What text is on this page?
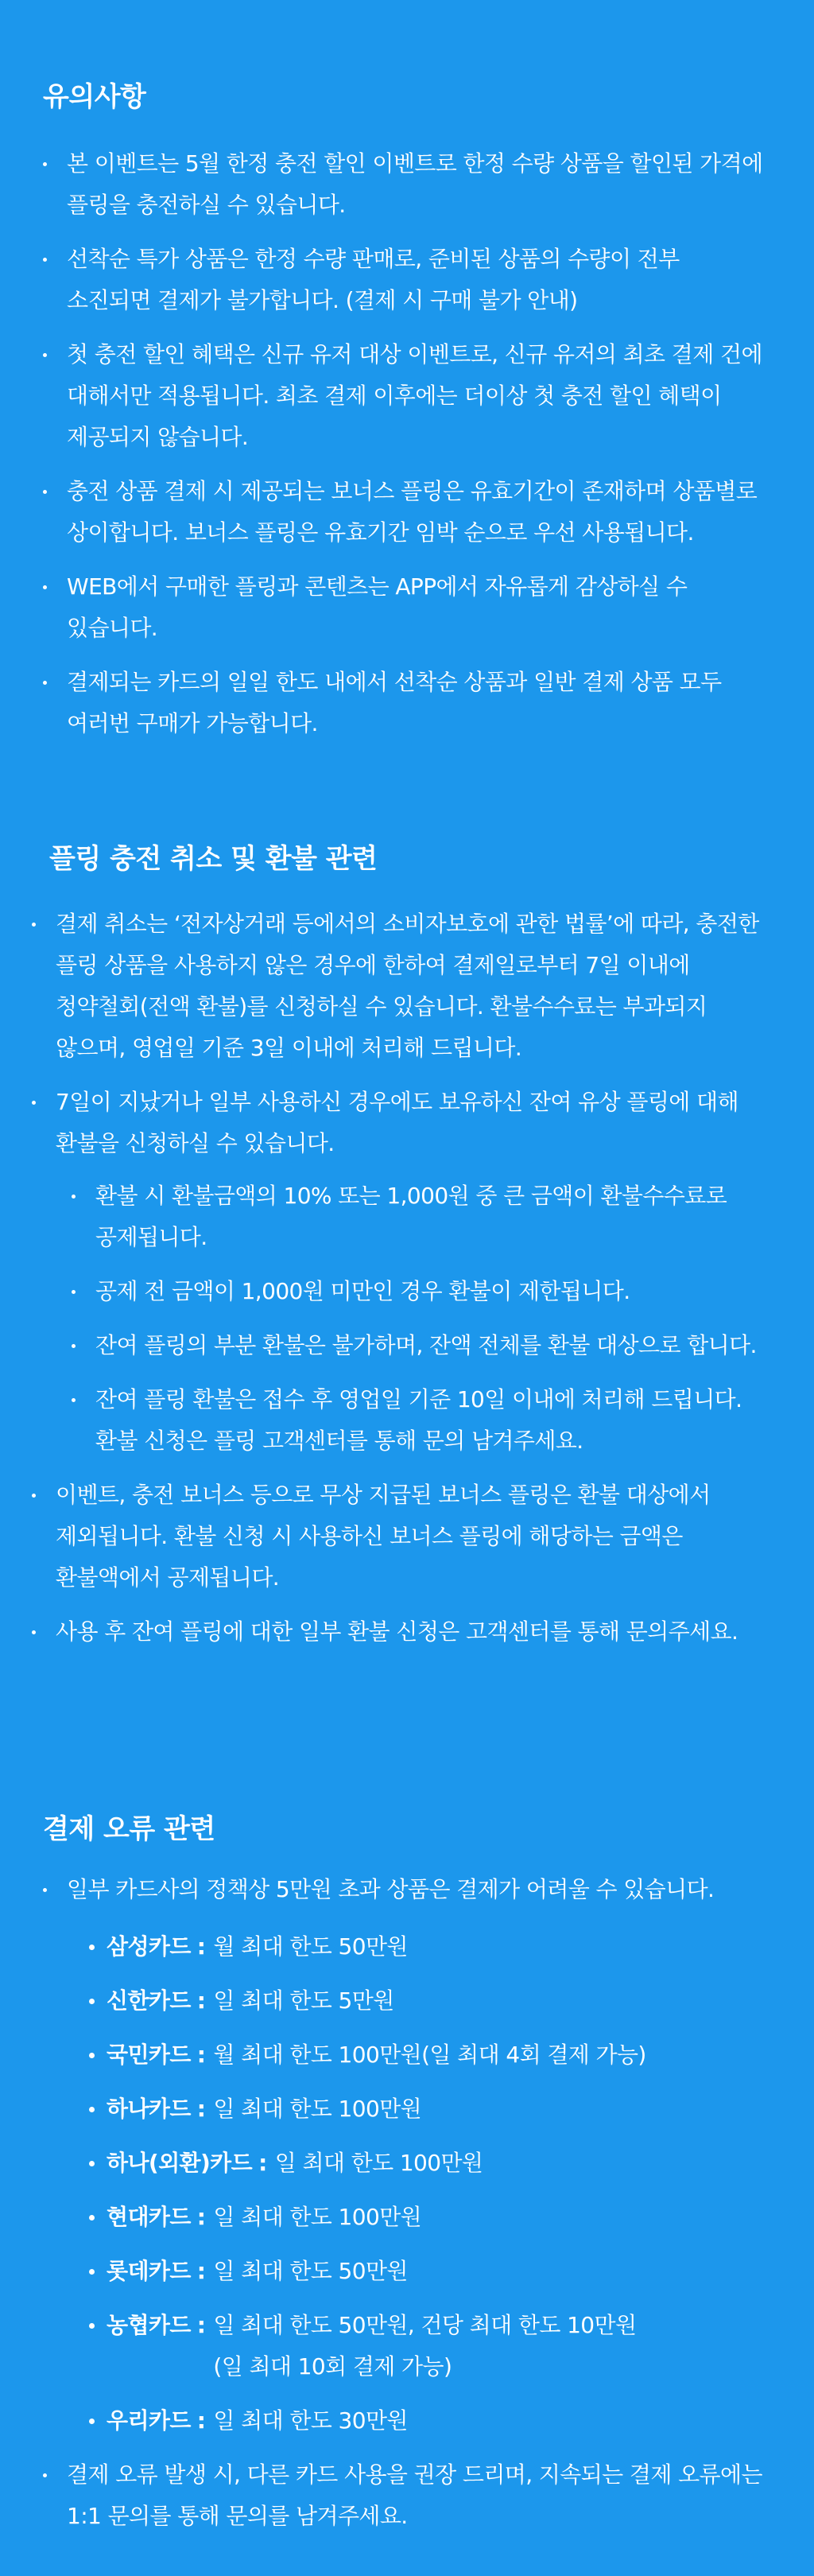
유의사항
본 이벤트는 5월 한정 충전 할인 이벤트로 한정 수량 상품을 할인된 가격에 플링을 충전하실 수 있습니다.
선착순 특가 상품은 한정 수량 판매로, 준비된 상품의 수량이 전부 소진되면 결제가 불가합니다. (결제 시 구매 불가 안내)
첫 충전 할인 혜택은 신규 유저 대상 이벤트로, 신규 유저의 최초 결제 건에 대해서만 적용됩니다. 최초 결제 이후에는 더이상 첫 충전 할인 혜택이 제공되지 않습니다.
충전 상품 결제 시 제공되는 보너스 플링은 유효기간이 존재하며 상품별로 상이합니다. 보너스 플링은 유효기간 임박 순으로 우선 사용됩니다.
WEB에서 구매한 플링과 콘텐츠는 APP에서 자유롭게 감상하실 수 있습니다.
결제되는 카드의 일일 한도 내에서 선착순 상품과 일반 결제 상품 모두 여러번 구매가 가능합니다.
플링 충전 취소 및 환불 관련
결제 취소는 ‘전자상거래 등에서의 소비자보호에 관한 법률’에 따라, 충전한 플링 상품을 사용하지 않은 경우에 한하여 결제일로부터 7일 이내에 청약철회(전액 환불)를 신청하실 수 있습니다. 환불수수료는 부과되지 않으며, 영업일 기준 3일 이내에 처리해 드립니다.
7일이 지났거나 일부 사용하신 경우에도 보유하신 잔여 유상 플링에 대해 환불을 신청하실 수 있습니다.
환불 시 환불금액의 10% 또는 1,000원 중 큰 금액이 환불수수료로 공제됩니다.
공제 전 금액이 1,000원 미만인 경우 환불이 제한됩니다.
잔여 플링의 부분 환불은 불가하며, 잔액 전체를 환불 대상으로 합니다.
잔여 플링 환불은 접수 후 영업일 기준 10일 이내에 처리해 드립니다. 환불 신청은 플링 고객센터를 통해 문의 남겨주세요.
이벤트, 충전 보너스 등으로 무상 지급된 보너스 플링은 환불 대상에서 제외됩니다. 환불 신청 시 사용하신 보너스 플링에 해당하는 금액은 환불액에서 공제됩니다.
사용 후 잔여 플링에 대한 일부 환불 신청은 고객센터를 통해 문의주세요.
결제 오류 관련
일부 카드사의 정책상 5만원 초과 상품은 결제가 어려울 수 있습니다.
삼성카드 : 월 최대 한도 50만원
신한카드 : 일 최대 한도 5만원
국민카드 : 월 최대 한도 100만원(일 최대 4회 결제 가능)
하나카드 : 일 최대 한도 100만원
하나(외환)카드 : 일 최대 한도 100만원
현대카드 : 일 최대 한도 100만원
롯데카드 : 일 최대 한도 50만원
농협카드 : 일 최대 한도 50만원, 건당 최대 한도 10만원
(일 최대 10회 결제 가능)
우리카드 : 일 최대 한도 30만원
결제 오류 발생 시, 다른 카드 사용을 권장 드리며, 지속되는 결제 오류에는 1:1 문의를 통해 문의를 남겨주세요.
